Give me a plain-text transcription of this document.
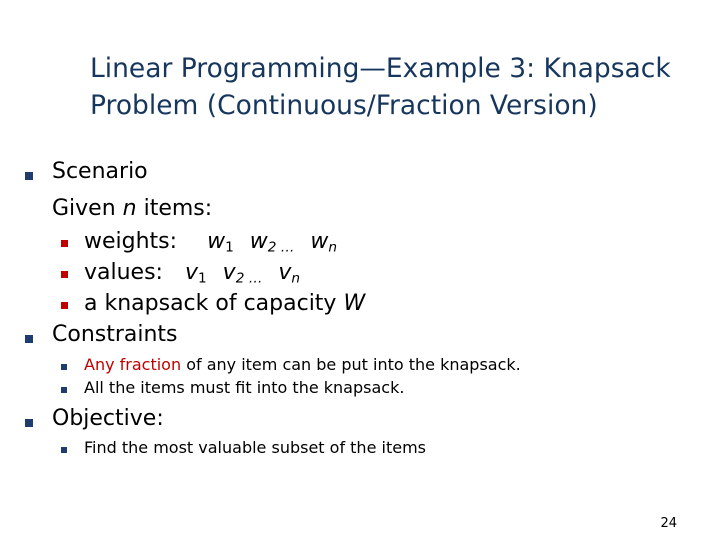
Linear Programming—Example 3: Knapsack
Problem (Continuous/Fraction Version)
Scenario
Given n items:
weights: $w_1$ $w_{2 \dots}$ $w_n$
values: $v_1$ $v_{2 \dots}$ $v_n$
a knapsack of capacity W
Constraints
Any fraction of any item can be put into the knapsack.
All the items must fit into the knapsack.
Objective:
Find the most valuable subset of the items
24
